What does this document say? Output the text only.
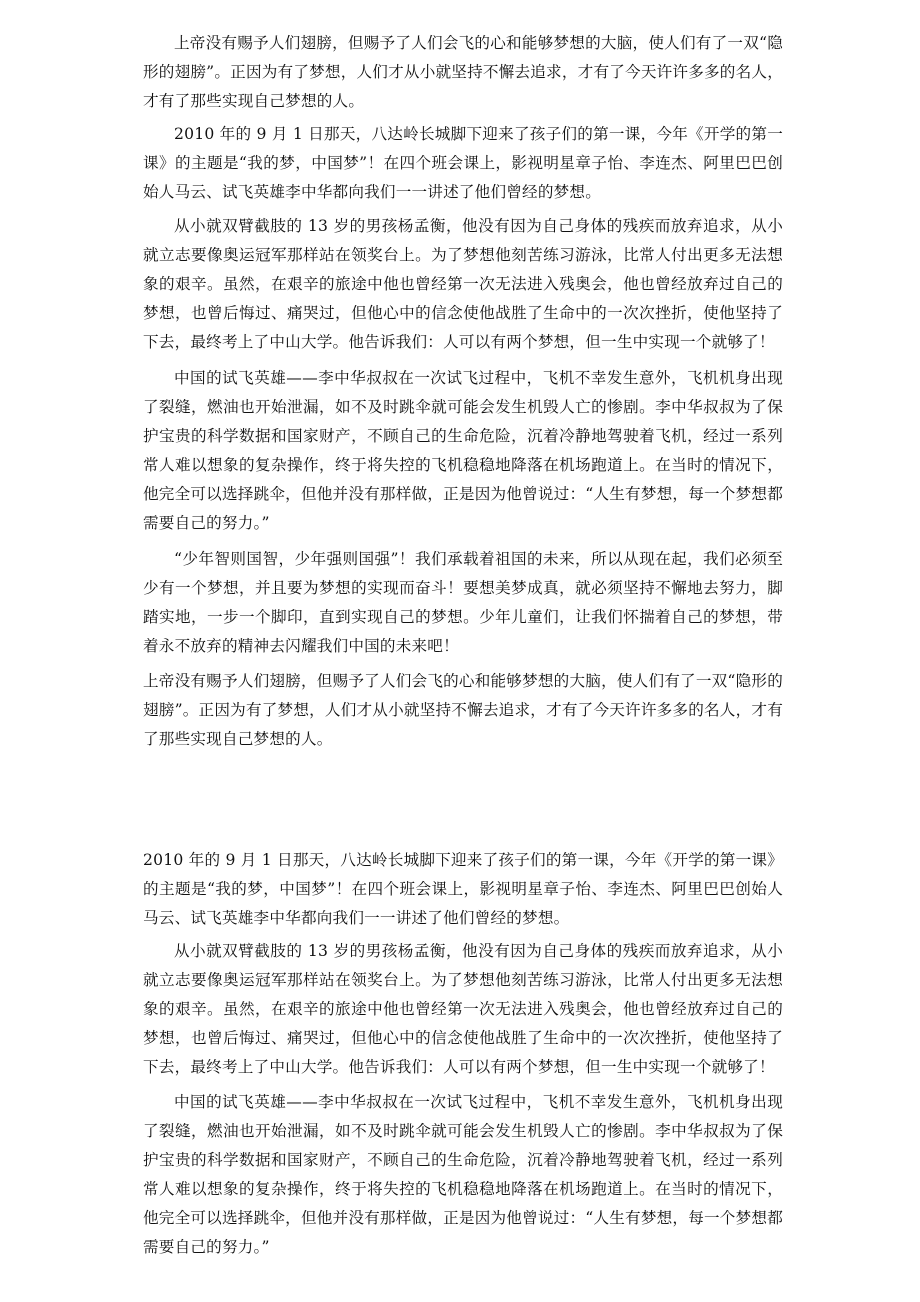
上帝没有赐予人们翅膀，但赐予了人们会飞的心和能够梦想的大脑，使人们有了一双“隐形的翅膀”。正因为有了梦想，人们才从小就坚持不懈去追求，才有了今天许许多多的名人，才有了那些实现自己梦想的人。

2010 年的 9 月 1 日那天，八达岭长城脚下迎来了孩子们的第一课，今年《开学的第一课》的主题是“我的梦，中国梦”！在四个班会课上，影视明星章子怡、李连杰、阿里巴巴创始人马云、试飞英雄李中华都向我们一一讲述了他们曾经的梦想。

从小就双臂截肢的 13 岁的男孩杨孟衡，他没有因为自己身体的残疾而放弃追求，从小就立志要像奥运冠军那样站在领奖台上。为了梦想他刻苦练习游泳，比常人付出更多无法想象的艰辛。虽然，在艰辛的旅途中他也曾经第一次无法进入残奥会，他也曾经放弃过自己的梦想，也曾后悔过、痛哭过，但他心中的信念使他战胜了生命中的一次次挫折，使他坚持了下去，最终考上了中山大学。他告诉我们：人可以有两个梦想，但一生中实现一个就够了！

中国的试飞英雄——李中华叔叔在一次试飞过程中，飞机不幸发生意外，飞机机身出现了裂缝，燃油也开始泄漏，如不及时跳伞就可能会发生机毁人亡的惨剧。李中华叔叔为了保护宝贵的科学数据和国家财产，不顾自己的生命危险，沉着冷静地驾驶着飞机，经过一系列常人难以想象的复杂操作，终于将失控的飞机稳稳地降落在机场跑道上。在当时的情况下，他完全可以选择跳伞，但他并没有那样做，正是因为他曾说过：“人生有梦想，每一个梦想都需要自己的努力。”

“少年智则国智，少年强则国强”！我们承载着祖国的未来，所以从现在起，我们必须至少有一个梦想，并且要为梦想的实现而奋斗！要想美梦成真，就必须坚持不懈地去努力，脚踏实地，一步一个脚印，直到实现自己的梦想。少年儿童们，让我们怀揣着自己的梦想，带着永不放弃的精神去闪耀我们中国的未来吧！

上帝没有赐予人们翅膀，但赐予了人们会飞的心和能够梦想的大脑，使人们有了一双“隐形的翅膀”。正因为有了梦想，人们才从小就坚持不懈去追求，才有了今天许许多多的名人，才有了那些实现自己梦想的人。

2010 年的 9 月 1 日那天，八达岭长城脚下迎来了孩子们的第一课，今年《开学的第一课》的主题是“我的梦，中国梦”！在四个班会课上，影视明星章子怡、李连杰、阿里巴巴创始人马云、试飞英雄李中华都向我们一一讲述了他们曾经的梦想。

从小就双臂截肢的 13 岁的男孩杨孟衡，他没有因为自己身体的残疾而放弃追求，从小就立志要像奥运冠军那样站在领奖台上。为了梦想他刻苦练习游泳，比常人付出更多无法想象的艰辛。虽然，在艰辛的旅途中他也曾经第一次无法进入残奥会，他也曾经放弃过自己的梦想，也曾后悔过、痛哭过，但他心中的信念使他战胜了生命中的一次次挫折，使他坚持了下去，最终考上了中山大学。他告诉我们：人可以有两个梦想，但一生中实现一个就够了！

中国的试飞英雄——李中华叔叔在一次试飞过程中，飞机不幸发生意外，飞机机身出现了裂缝，燃油也开始泄漏，如不及时跳伞就可能会发生机毁人亡的惨剧。李中华叔叔为了保护宝贵的科学数据和国家财产，不顾自己的生命危险，沉着冷静地驾驶着飞机，经过一系列常人难以想象的复杂操作，终于将失控的飞机稳稳地降落在机场跑道上。在当时的情况下，他完全可以选择跳伞，但他并没有那样做，正是因为他曾说过：“人生有梦想，每一个梦想都需要自己的努力。”
